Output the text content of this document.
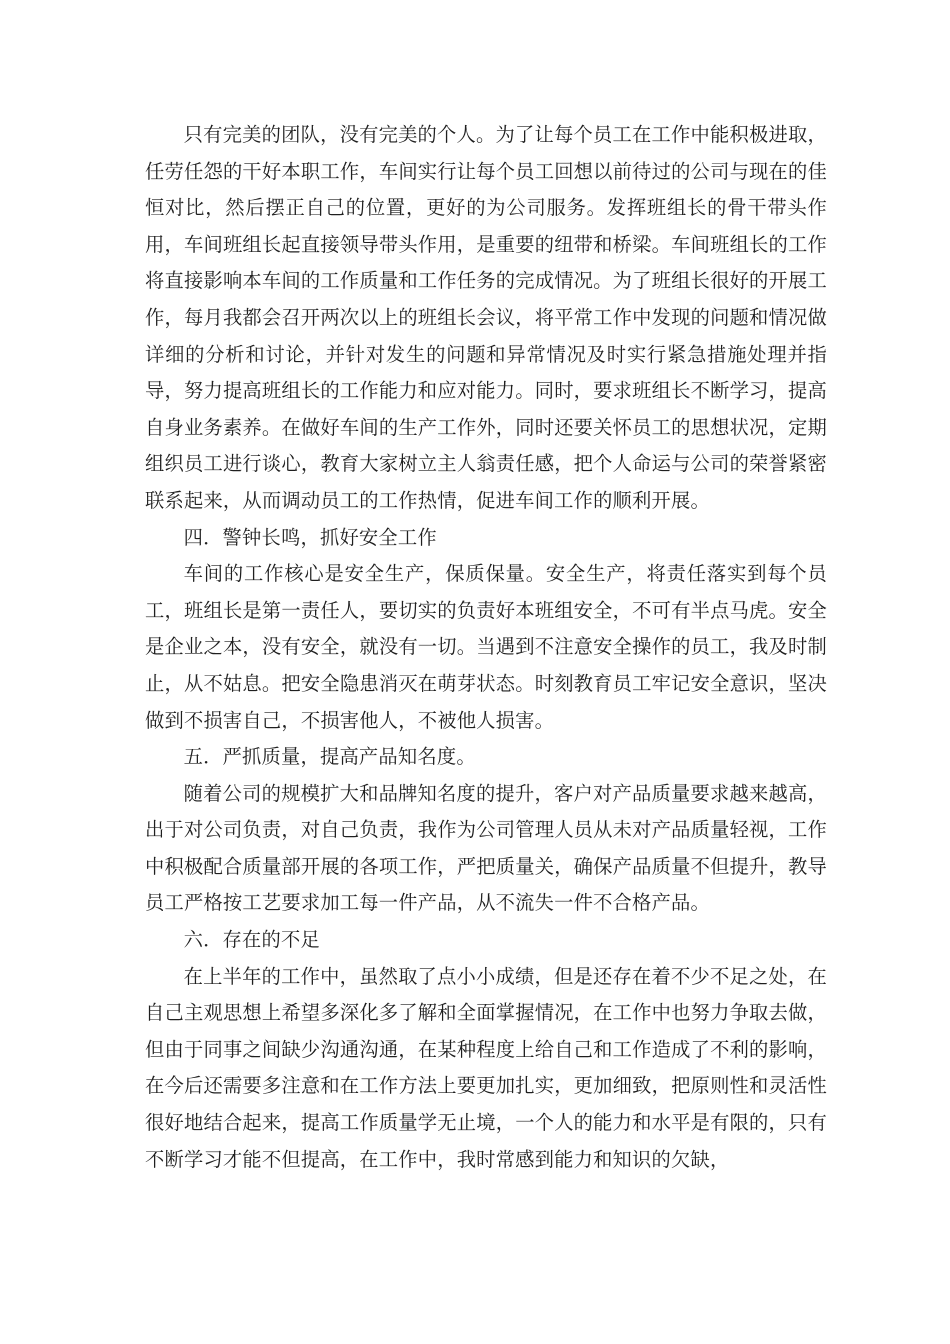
只有完美的团队，没有完美的个人。为了让每个员工在工作中能积极进取，任劳任怨的干好本职工作，车间实行让每个员工回想以前待过的公司与现在的佳恒对比，然后摆正自己的位置，更好的为公司服务。发挥班组长的骨干带头作用，车间班组长起直接领导带头作用，是重要的纽带和桥梁。车间班组长的工作将直接影响本车间的工作质量和工作任务的完成情况。为了班组长很好的开展工作，每月我都会召开两次以上的班组长会议，将平常工作中发现的问题和情况做详细的分析和讨论，并针对发生的问题和异常情况及时实行紧急措施处理并指导，努力提高班组长的工作能力和应对能力。同时，要求班组长不断学习，提高自身业务素养。在做好车间的生产工作外，同时还要关怀员工的思想状况，定期组织员工进行谈心，教育大家树立主人翁责任感，把个人命运与公司的荣誉紧密联系起来，从而调动员工的工作热情，促进车间工作的顺利开展。

四．警钟长鸣，抓好安全工作

车间的工作核心是安全生产，保质保量。安全生产，将责任落实到每个员工，班组长是第一责任人，要切实的负责好本班组安全，不可有半点马虎。安全是企业之本，没有安全，就没有一切。当遇到不注意安全操作的员工，我及时制止，从不姑息。把安全隐患消灭在萌芽状态。时刻教育员工牢记安全意识，坚决做到不损害自己，不损害他人，不被他人损害。

五．严抓质量，提高产品知名度。

随着公司的规模扩大和品牌知名度的提升，客户对产品质量要求越来越高，出于对公司负责，对自己负责，我作为公司管理人员从未对产品质量轻视，工作中积极配合质量部开展的各项工作，严把质量关，确保产品质量不但提升，教导员工严格按工艺要求加工每一件产品，从不流失一件不合格产品。

六．存在的不足

在上半年的工作中，虽然取了点小小成绩，但是还存在着不少不足之处，在自己主观思想上希望多深化多了解和全面掌握情况，在工作中也努力争取去做，但由于同事之间缺少沟通沟通，在某种程度上给自己和工作造成了不利的影响，在今后还需要多注意和在工作方法上要更加扎实，更加细致，把原则性和灵活性很好地结合起来，提高工作质量学无止境，一个人的能力和水平是有限的，只有不断学习才能不但提高，在工作中，我时常感到能力和知识的欠缺，
